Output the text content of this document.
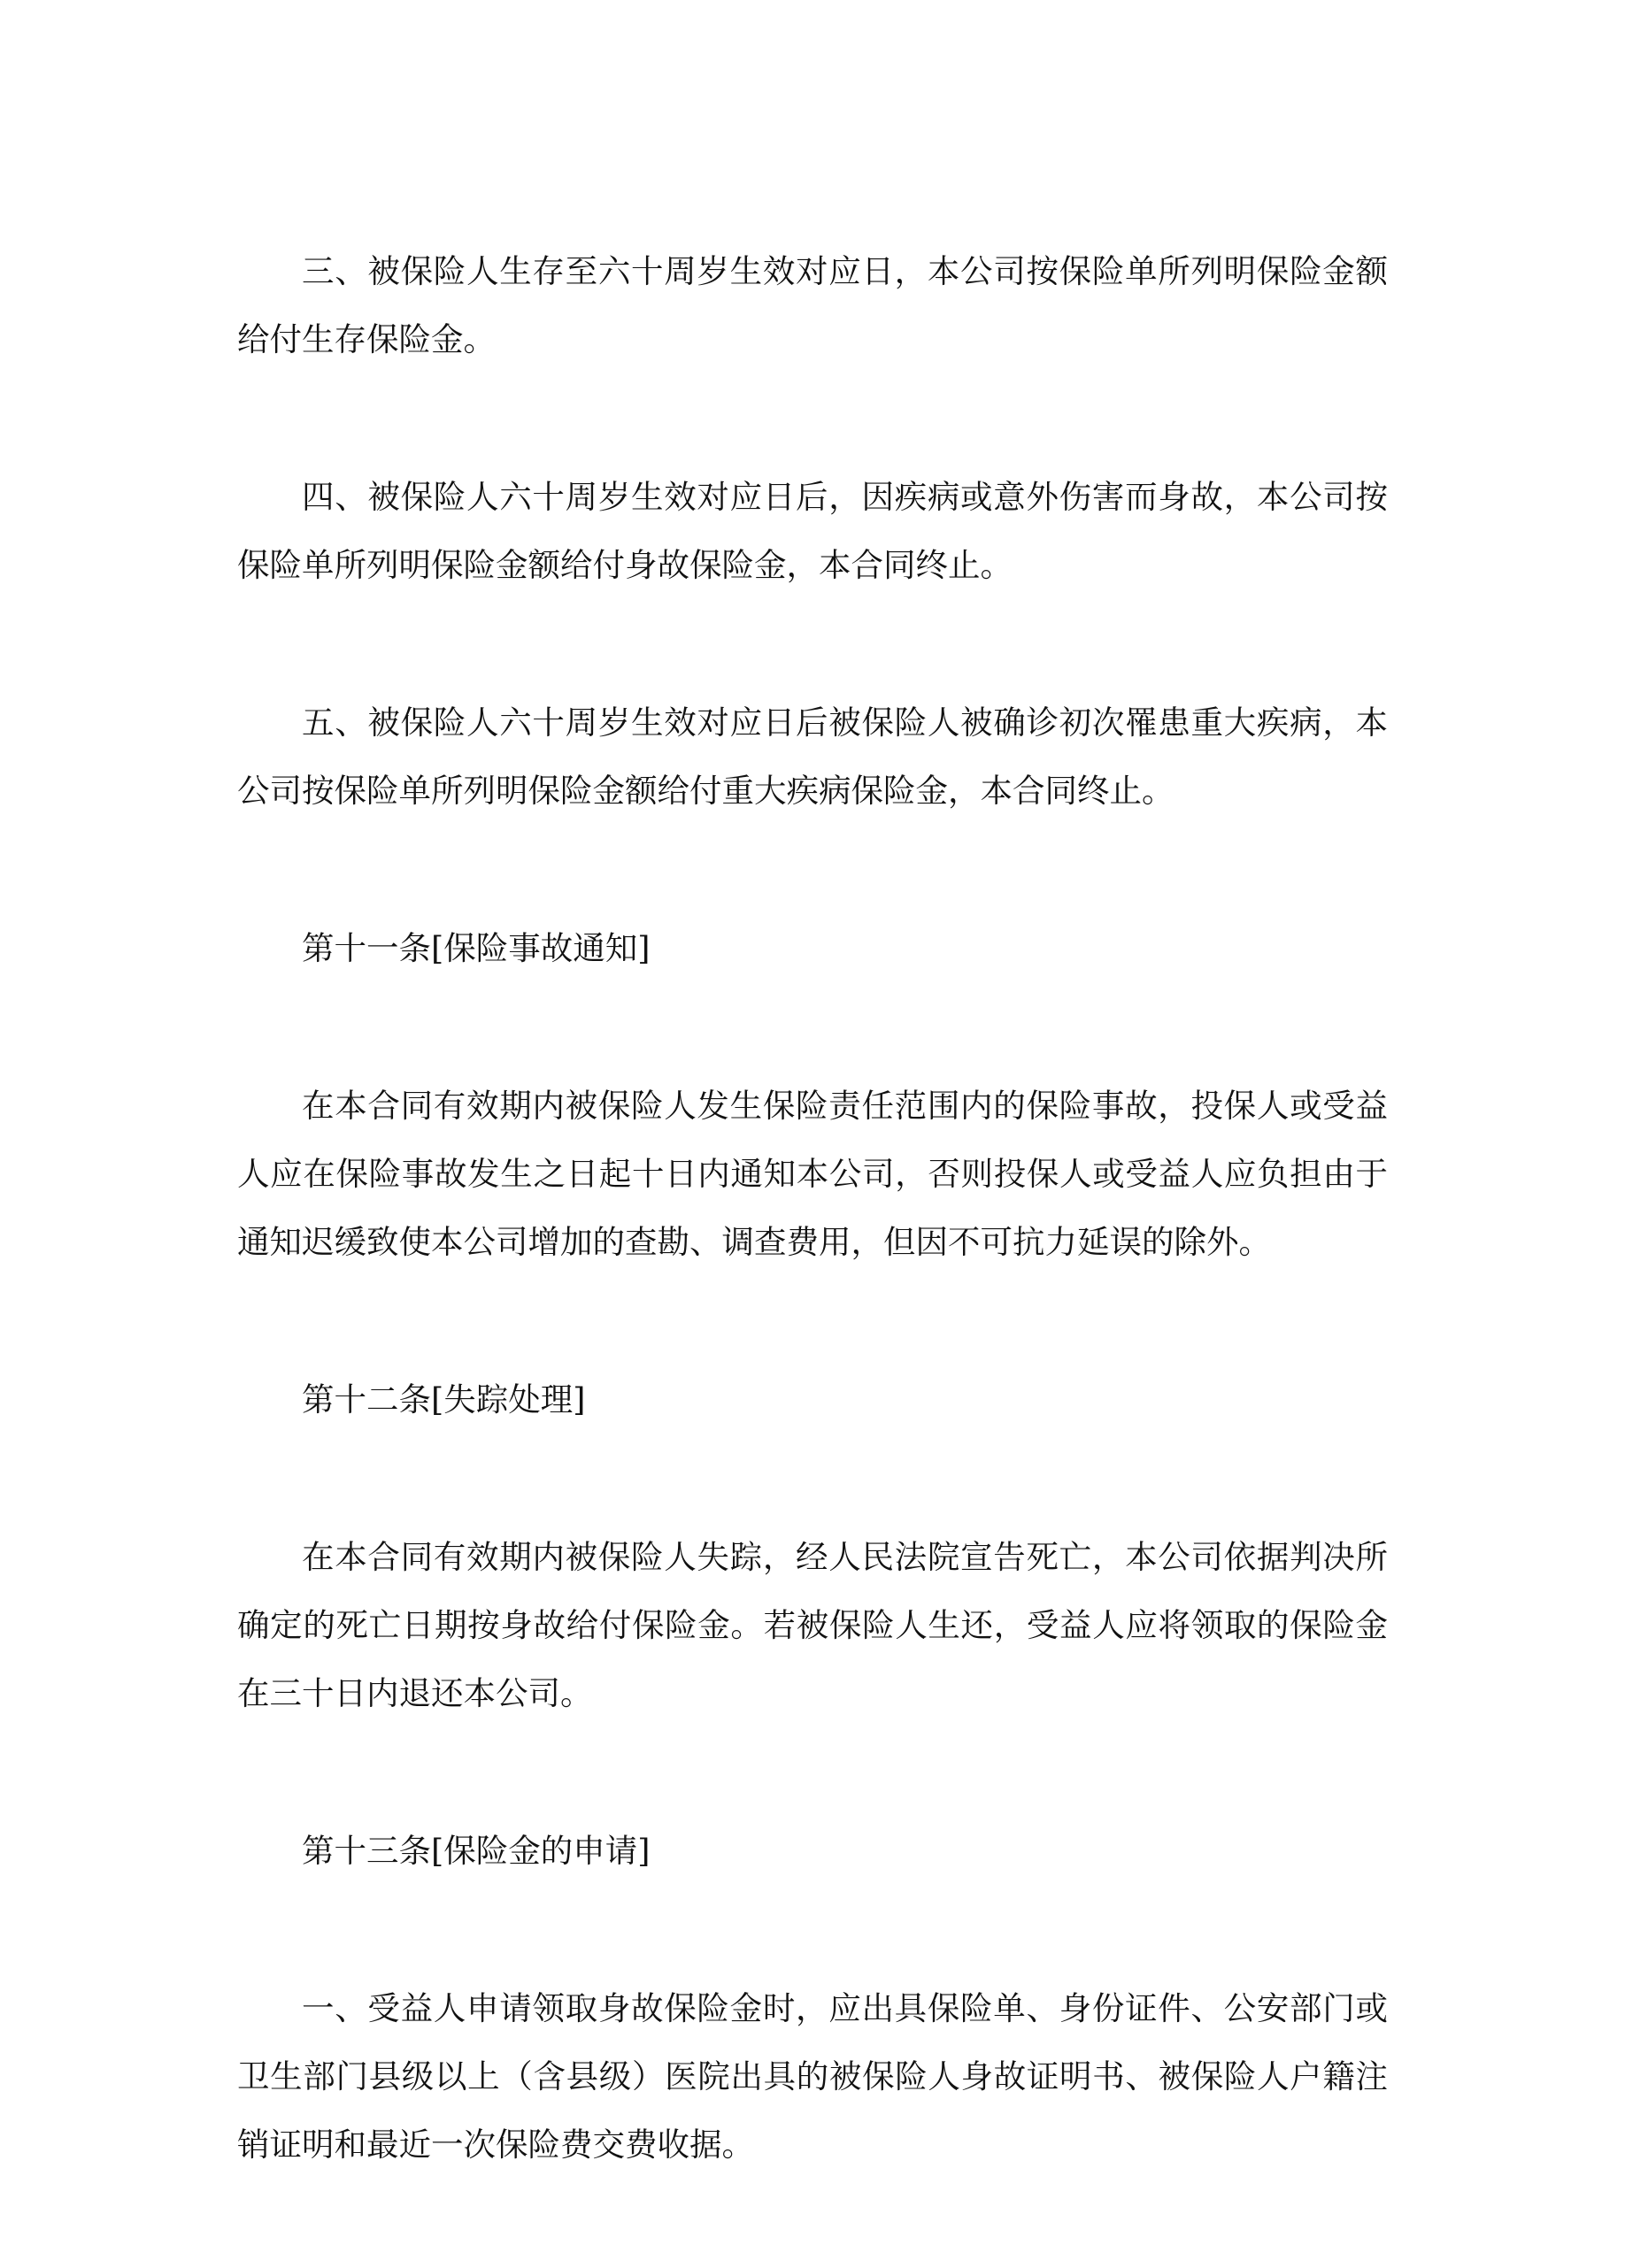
三、被保险人生存至六十周岁生效对应日，本公司按保险单所列明保险金额给付生存保险金。

四、被保险人六十周岁生效对应日后，因疾病或意外伤害而身故，本公司按保险单所列明保险金额给付身故保险金，本合同终止。

五、被保险人六十周岁生效对应日后被保险人被确诊初次罹患重大疾病，本公司按保险单所列明保险金额给付重大疾病保险金，本合同终止。

第十一条[保险事故通知]

在本合同有效期内被保险人发生保险责任范围内的保险事故，投保人或受益人应在保险事故发生之日起十日内通知本公司，否则投保人或受益人应负担由于通知迟缓致使本公司增加的查勘、调查费用，但因不可抗力延误的除外。

第十二条[失踪处理]

在本合同有效期内被保险人失踪，经人民法院宣告死亡，本公司依据判决所确定的死亡日期按身故给付保险金。若被保险人生还，受益人应将领取的保险金在三十日内退还本公司。

第十三条[保险金的申请]

一、受益人申请领取身故保险金时，应出具保险单、身份证件、公安部门或卫生部门县级以上（含县级）医院出具的被保险人身故证明书、被保险人户籍注销证明和最近一次保险费交费收据。
